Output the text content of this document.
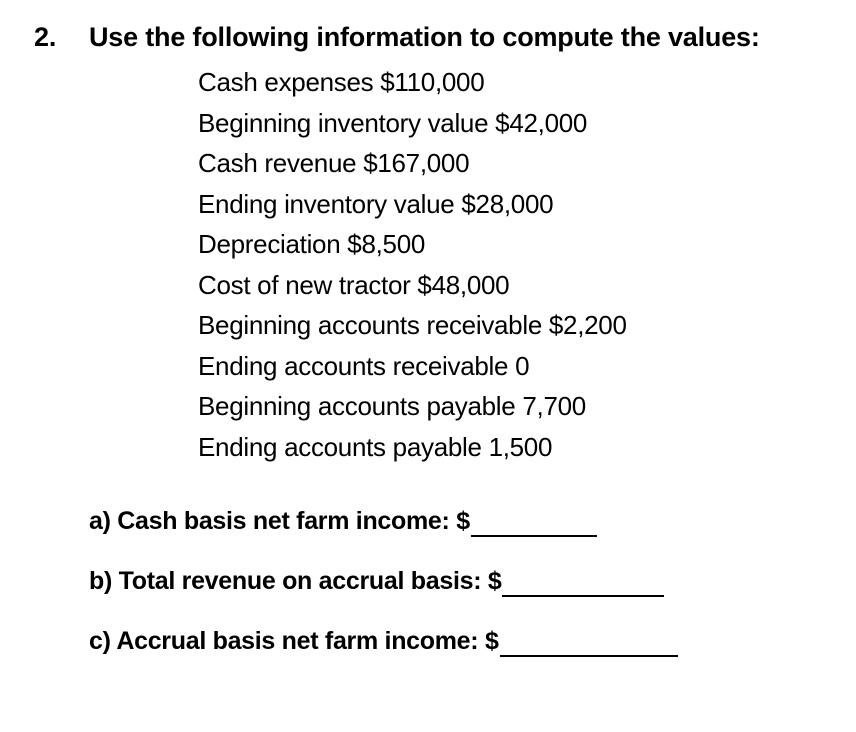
2. Use the following information to compute the values:
Cash expenses $110,000
Beginning inventory value $42,000
Cash revenue $167,000
Ending inventory value $28,000
Depreciation $8,500
Cost of new tractor $48,000
Beginning accounts receivable $2,200
Ending accounts receivable 0
Beginning accounts payable 7,700
Ending accounts payable 1,500
a) Cash basis net farm income: $
b) Total revenue on accrual basis: $
c) Accrual basis net farm income: $
